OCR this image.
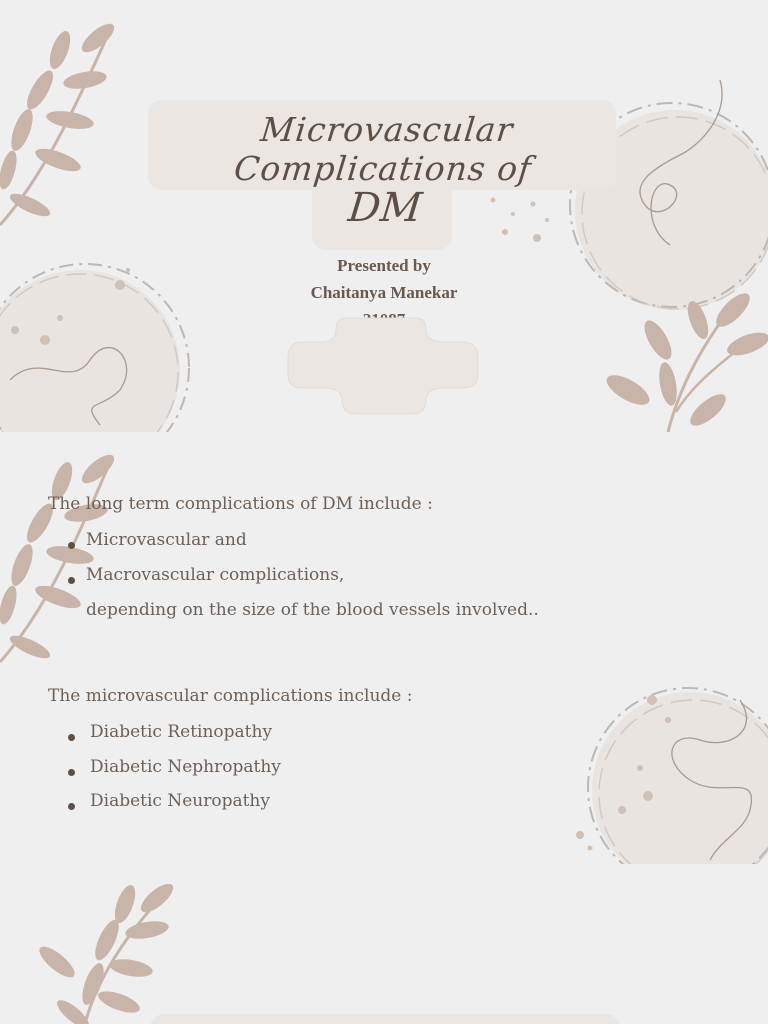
Microvascular Complications of
DM
Presented by
Chaitanya Manekar
The long term complications of DM include :
Microvascular and
Macrovascular complications,
depending on the size of the blood vessels involved..
The microvascular complications include :
Diabetic Retinopathy
Diabetic Nephropathy
Diabetic Neuropathy
